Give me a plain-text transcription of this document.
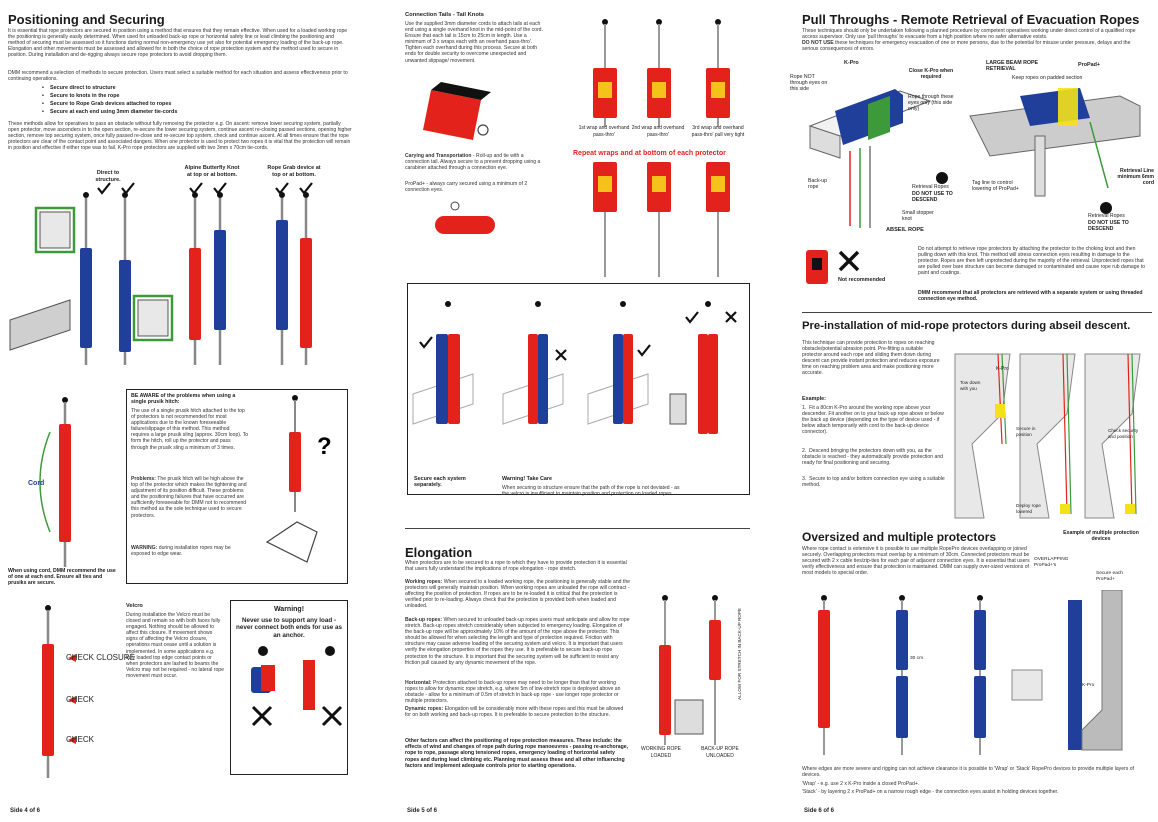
Positioning and Securing
It is essential that rope protectors are secured in position using a method that ensures that they remain effective. When used for a loaded working rope the positioning is generally easily determined. When used for unloaded back-up rope or horizontal safety line or lead climbing the positioning and method of securing must be assessed so it functions during normal non-emergency use yet also for potential emergency loading of the back-up rope. Elongation and other movements must be assessed and allowed for in both the choice of rope protection system and the method used to secure in position. During installation and de-rigging always secure rope protectors to avoid dropping them.
DMM recommend a selection of methods to secure protection. Users must select a suitable method for each situation and assess effectiveness prior to continuing operations.
• Secure direct to structure
• Secure to knots in the rope
• Secure to Rope Grab devices attached to ropes
• Secure at each end using 3mm diameter tie-cords
These methods allow for operatives to pass an obstacle without fully removing the protector e.g. On ascent: remove lower securing system, partially open protector, move ascenders in to the open section, re-secure the lower securing system, continue ascent re-closing passed sections, opening higher section, remove top securing system, once fully passed re-close and re-secure top system, check and continue ascent. At all times ensure that the rope protectors are clear of the contact point and associated dangers. When one protector is used to protect two ropes it is vital that the protection will remain in position and effective if either rope was to fail. K-Pro rope protectors are supplied with two 3mm x 70cm tie-cords.
Direct to structure.
Alpine Butterfly Knot at top or at bottom.
Rope Grab device at top or at bottom.
Cord
When using cord, DMM recommend the use of one at each end. Ensure all ties and prusiks are secure.
BE AWARE of the problems when using a single prusik hitch:
The use of a single prusik hitch attached to the top of protectors is not recommended for most applications due to the known foreseeable failure/slippage of this method. This method requires a large prusik sling (approx. 30cm loop). To form the hitch, roll up the protector and pass through the prusik sling a minimum of 3 times.
Problems: The prusik hitch will be high above the top of the protector which makes the tightening and adjustment of its position difficult. These problems and the positioning failures that have occurred are sufficiently foreseeable for DMM not to recommend this method as the sole technique used to secure protectors.
WARNING: during installation ropes may be exposed to edge wear.
?
CHECK CLOSURE
CHECK
CHECK
Velcro
During installation the Velcro must be closed and remain so with both faces fully engaged. Nothing should be allowed to affect this closure. If movement shows signs of affecting the Velcro closure, operations must cease until a solution is implemented. In some applications e.g. fully loaded top edge contact points or when protectors are lashed to beams the Velcro may not be required - no lateral rope movement must occur.
Warning!
Never use to support any load - never connect both ends for use as an anchor.
Side 4 of 6
Connection Tails - Tail Knots
Use the supplied 3mm diameter cords to attach tails at each end using a single overhand knot in the mid-point of the cord. Ensure that each tail is 15cm to 25cm in length. Use a minimum of 3 x wraps each with an overhand pass-thro'. Tighten each overhand during this process. Secure at both ends for double security to overcome unexpected and unwanted slippage/ movement.
Carying and Transportation - Roll-up and tie with a connection tail. Always secure to a prevent dropping using a carabiner attached through a connection eye.
ProPad+ - always carry secured using a minimum of 2 connection eyes.
1st wrap and overhand pass-thro'
2nd wrap and overhand pass-thro'
3rd wrap and overhand pass-thro' pull very tight
Repeat wraps and at bottom of each protector
Secure each system separately.
Warning! Take Care
When securing to structure ensure that the path of the rope is not deviated - as the velcro is insufficient to maintain position and protection on loaded ropes.
Elongation
When protectors are to be secured to a rope to which they have to provide protection it is essential that users fully understand the implications of rope elongation - rope stretch.
Working ropes: When secured to a loaded working rope, the positioning is generally stable and the protectors will generally maintain position. When working ropes are unloaded the rope will contract - affecting the position of protection. If ropes are to be re-loaded it is critical that the protection is verified prior to re-loading. Always check that the protection is provided both when loaded and unloaded.
Back-up ropes: When secured to unloaded back-up ropes users must anticipate and allow for rope stretch. Back-up ropes stretch considerably when subjected to emergency loading. Elongation of the back-up rope will be approximately 10% of the amount of the rope above the protector. This should be allowed for when selecting the length and type of protection required. Friction with structure may cause adverse loading of the securing system and velcro. It is important that users verify the elongation properties of the ropes they use. It is preferable to secure back-up rope protection to the structure. It is important that the securing system will be sufficient to resist any friction pull caused by any dynamic movement of the rope.
Horizontal: Protection attached to back-up ropes may need to be longer than that for working ropes to allow for dynamic rope stretch, e.g. where 5m of low-stretch rope is deployed above an obstacle - allow for a minimum of 0.5m of stretch in back-up rope - use longer rope protector or multiple protectors.
Dynamic ropes: Elongation will be considerably more with these ropes and this must be allowed for on both working and back-up ropes. It is preferable to secure protection to the structure.
Other factors can affect the positioning of rope protection measures. These include: the effects of wind and changes of rope path during rope manoeuvres - passing re-anchorage, rope to rope, passage along tensioned ropes, emergency loading of horizontal safety ropes and during lead climbing etc. Planning must assess these and all other influencing factors and implement adequate controls prior to starting operations.
ALLOW FOR STRETCH IN BACK-UP ROPE
WORKING ROPE LOADED
BACK-UP ROPE UNLOADED
Side 5 of 6
Pull Throughs - Remote Retrieval of Evacuation Ropes
These techniques should only be undertaken following a planned procedure by competent operatives working under direct control of a qualified rope access supervisor. Only use 'pull throughs' to evacuate from a high position where no safer alternative exists.
DO NOT USE these techniques for emergency evacuation of one or more persons, due to the potential for misuse under pressure, delays and the serious consequences of errors.
K-Pro
Rope NOT through eyes on this side
Close K-Pro when required
Rope through these eyes only (this side only)
Back-up rope	Retrieval Ropes
DO NOT USE TO DESCEND
Small stopper knot
ABSEIL ROPE
LARGE BEAM ROPE RETRIEVAL
ProPad+
Keep ropes on padded section
Tag line to control lowering of ProPad+
Retrieval Line minimum 6mm cord
Retrieval Ropes
DO NOT USE TO DESCEND
Not recommended
Do not attempt to retrieve rope protectors by attaching the protector to the choking knot and then pulling down with this knot. This method will stress connection eyes resulting in damage to the protector. Ropes are then left unprotected during the majority of the retrieval. Unprotected ropes that are pulled over bare structure can become damaged or contaminated and cause rope rub damage to paint and coatings.
DMM recommend that all protectors are retrieved with a separate system or using threaded connection eye method.
Pre-installation of mid-rope protectors during abseil descent.
This technique can provide protection to ropes on reaching obstacle/potential abrasion point. Pre-fitting a suitable protector around each rope and sliding them down during descent can provide instant protection and reduces exposure time on reaching problem area and make positioning more accurate.
Example:
1.  Fit a 80cm K-Pro around the working rope above your descender. Fit another on to your back-up rope above or below the back up device (depending on the type of device used - if below attach temporarily with cord to the back-up device connector).
2.  Descend bringing the protectors down with you, as the obstacle is reached - they automatically provide protection and ready for final positioning and securing.
3.  Secure to top and/or bottom connection eye using a suitable method.
K-Pro
Tow down with you
Secure in position
Check security and position
Deploy rope lowered
Oversized and multiple protectors
Where rope contact is extensive it is possible to use multiple RopePro devices overlapping or joined securely. Overlapping protectors must overlap by a minimum of 30cm. Connected protectors must be secured with 2 x cable ties/zip-ties for each pair of adjacent connection eyes. It is essential that users verify effectiveness and ensure that protection is maintained. DMM can supply over-sized versions of most models to special order.
Example of multiple protection devices
30 cm
OVERLAPPING ProPad+'s
Secure each ProPad+
K-Pro
Where edges are more severe and rigging can not achieve clearance it is possible to 'Wrap' or 'Stack' RopePro devices to provide multiple layers of devices.
'Wrap' - e.g. use 2 x K-Pro inside a closed ProPad+.
'Stack' - by layering 2 x ProPad+ on a narrow rough edge - the connection eyes assist in holding devices together.
Side 6 of 6
